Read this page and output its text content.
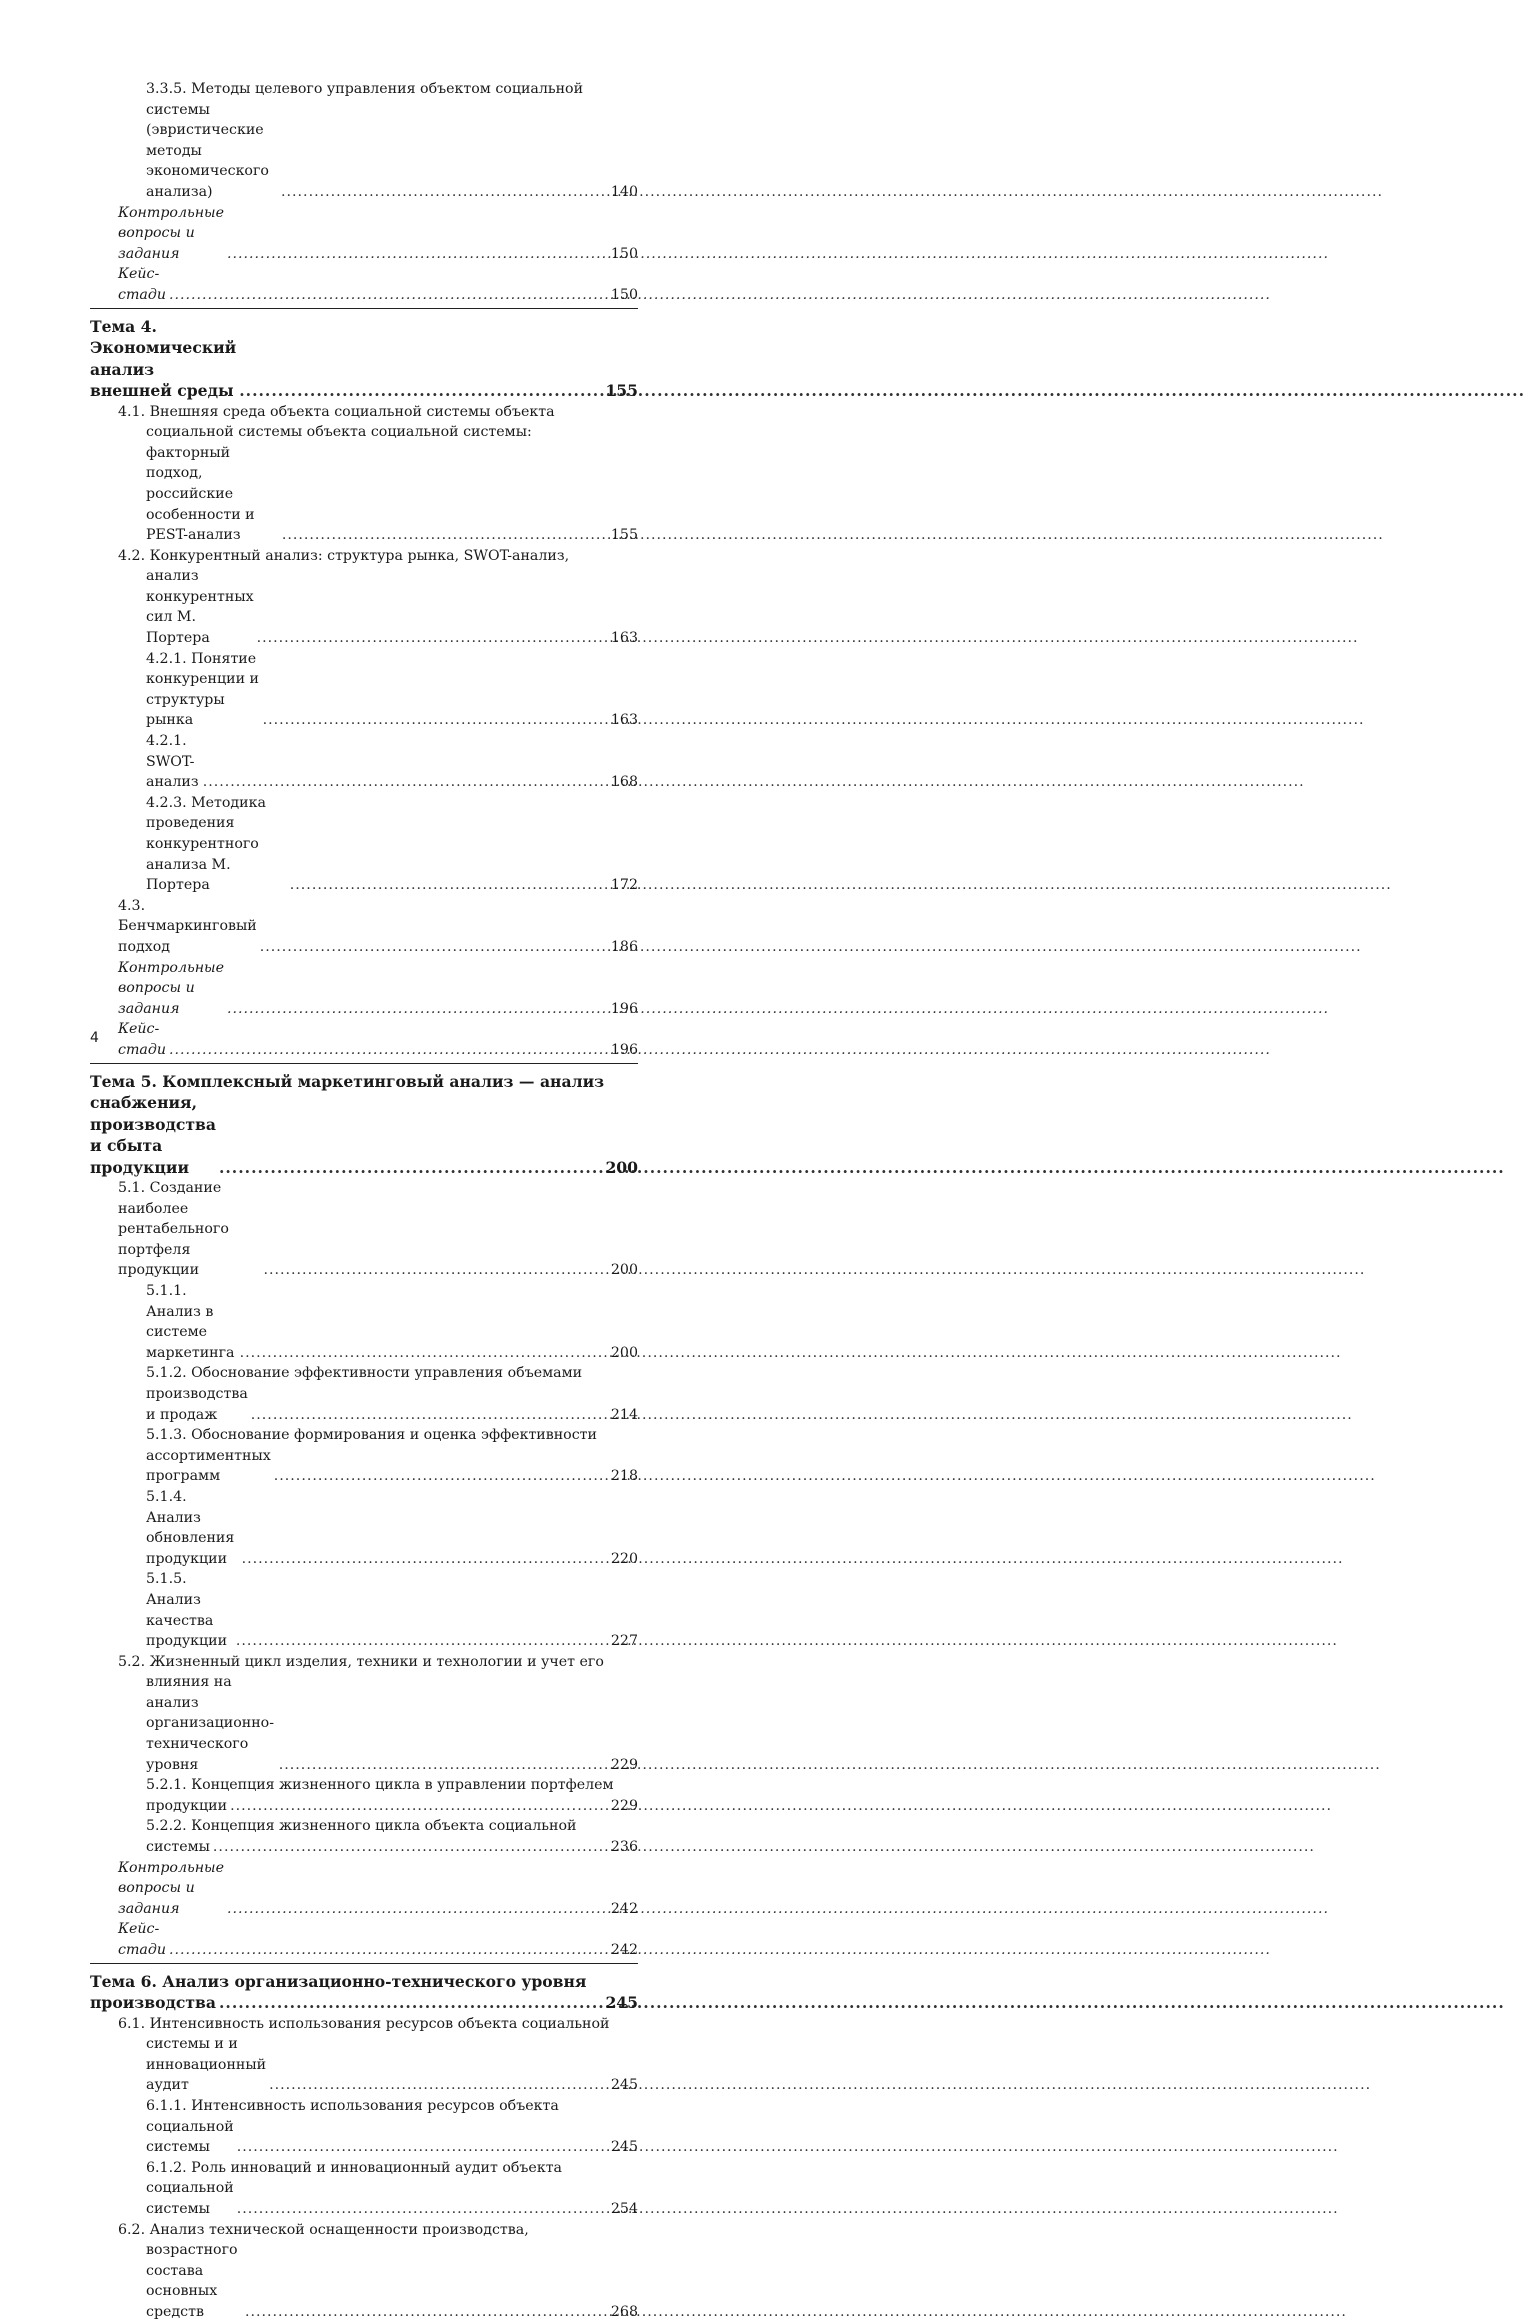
3.3.5. Методы целевого управления объектом социальной
системы (эвристические методы экономического анализа) .....	140
Контрольные вопросы и задания .....	150
Кейс-стади .....	150
Тема 4. Экономический анализ внешней среды .....	155
4.1. Внешняя среда объекта социальной системы объекта
социальной системы объекта социальной системы:
факторный подход, российские особенности и PEST-анализ .....	155
4.2. Конкурентный анализ: структура рынка, SWOT-анализ,
анализ конкурентных сил М. Портера .....	163
4.2.1. Понятие конкуренции и структуры рынка .....	163
4.2.1. SWOT-анализ .....	168
4.2.3. Методика проведения конкурентного анализа М. Портера .....	172
4.3. Бенчмаркинговый подход .....	186
Контрольные вопросы и задания .....	196
Кейс-стади .....	196
Тема 5. Комплексный маркетинговый анализ — анализ
снабжения, производства и сбыта продукции .....	200
5.1. Создание наиболее рентабельного портфеля продукции .....	200
5.1.1. Анализ в системе маркетинга .....	200
5.1.2. Обоснование эффективности управления объемами
производства и продаж .....	214
5.1.3. Обоснование формирования и оценка эффективности
ассортиментных программ .....	218
5.1.4. Анализ обновления продукции .....	220
5.1.5. Анализ качества продукции .....	227
5.2. Жизненный цикл изделия, техники и технологии и учет его
влияния на анализ организационно-технического уровня .....	229
5.2.1. Концепция жизненного цикла в управлении портфелем
продукции .....	229
5.2.2. Концепция жизненного цикла объекта социальной
системы .....	236
Контрольные вопросы и задания .....	242
Кейс-стади .....	242
Тема 6. Анализ организационно-технического уровня
производства .....	245
6.1. Интенсивность использования ресурсов объекта социальной
системы и и инновационный аудит .....	245
6.1.1. Интенсивность использования ресурсов объекта
социальной системы .....	245
6.1.2. Роль инноваций и инновационный аудит объекта
социальной системы .....	254
6.2. Анализ технической оснащенности производства,
возрастного состава основных средств .....	268
4
